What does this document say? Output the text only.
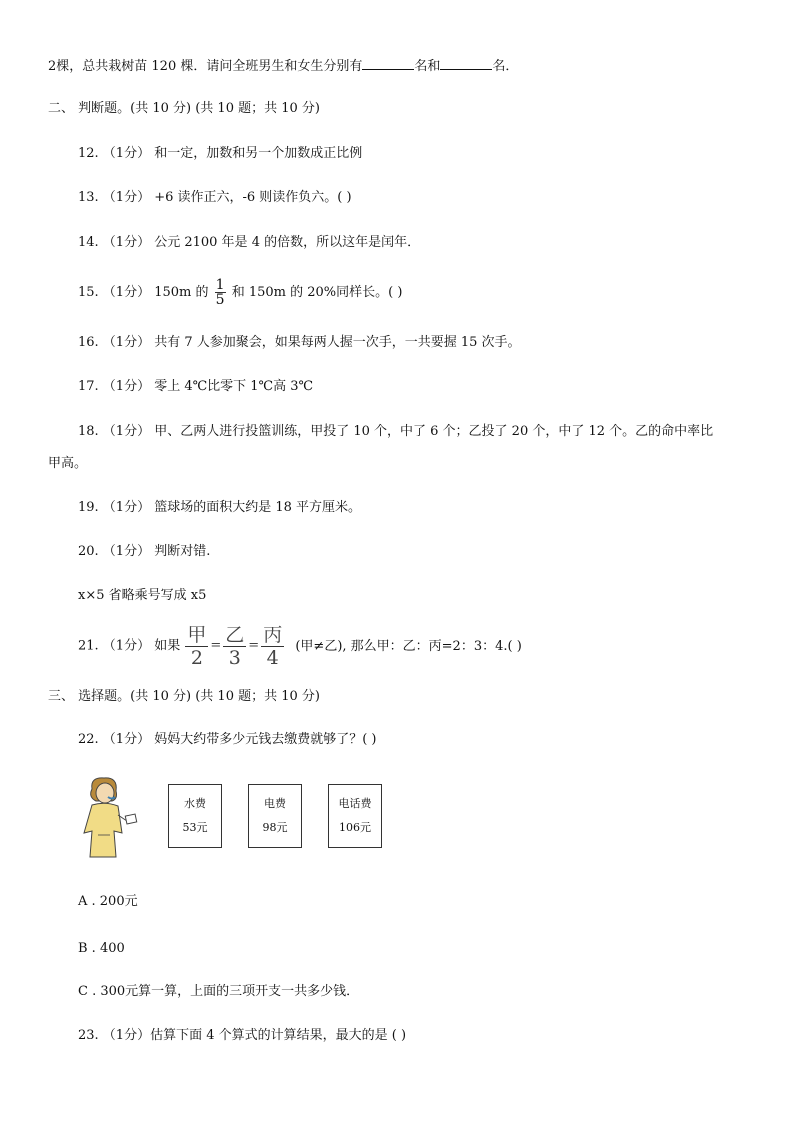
2棵，总共栽树苗 120 棵．请问全班男生和女生分别有	名和	名．
二、 判断题。(共 10 分) (共 10 题；共 10 分)
12. （1分） 和一定，加数和另一个加数成正比例
13. （1分） +6 读作正六，-6 则读作负六。( )
14. （1分） 公元 2100 年是 4 的倍数，所以这年是闰年．
15. （1分） 150m 的 $\frac{1}{5}$ 和 150m 的 20%同样长。( )
16. （1分） 共有 7 人参加聚会，如果每两人握一次手，一共要握 15 次手。
17. （1分） 零上 4℃比零下 1℃高 3℃
18. （1分） 甲、乙两人进行投篮训练，甲投了 10 个，中了 6 个；乙投了 20 个，中了 12 个。乙的命中率比
甲高。
19. （1分） 篮球场的面积大约是 18 平方厘米。
20. （1分） 判断对错.
x×5 省略乘号写成 x5
21. （1分） 如果 $\frac{\text{甲}}{2} = \frac{\text{乙}}{3} = \frac{\text{丙}}{4}$ (甲≠乙), 那么甲：乙：丙=2：3：4.( )
三、 选择题。(共 10 分) (共 10 题；共 10 分)
22. （1分） 妈妈大约带多少元钱去缴费就够了？( )
水费
53元
电费
98元
电话费
106元
A . 200元
B . 400
C . 300元算一算，上面的三项开支一共多少钱．
23. （1分）估算下面 4 个算式的计算结果，最大的是 ( )
